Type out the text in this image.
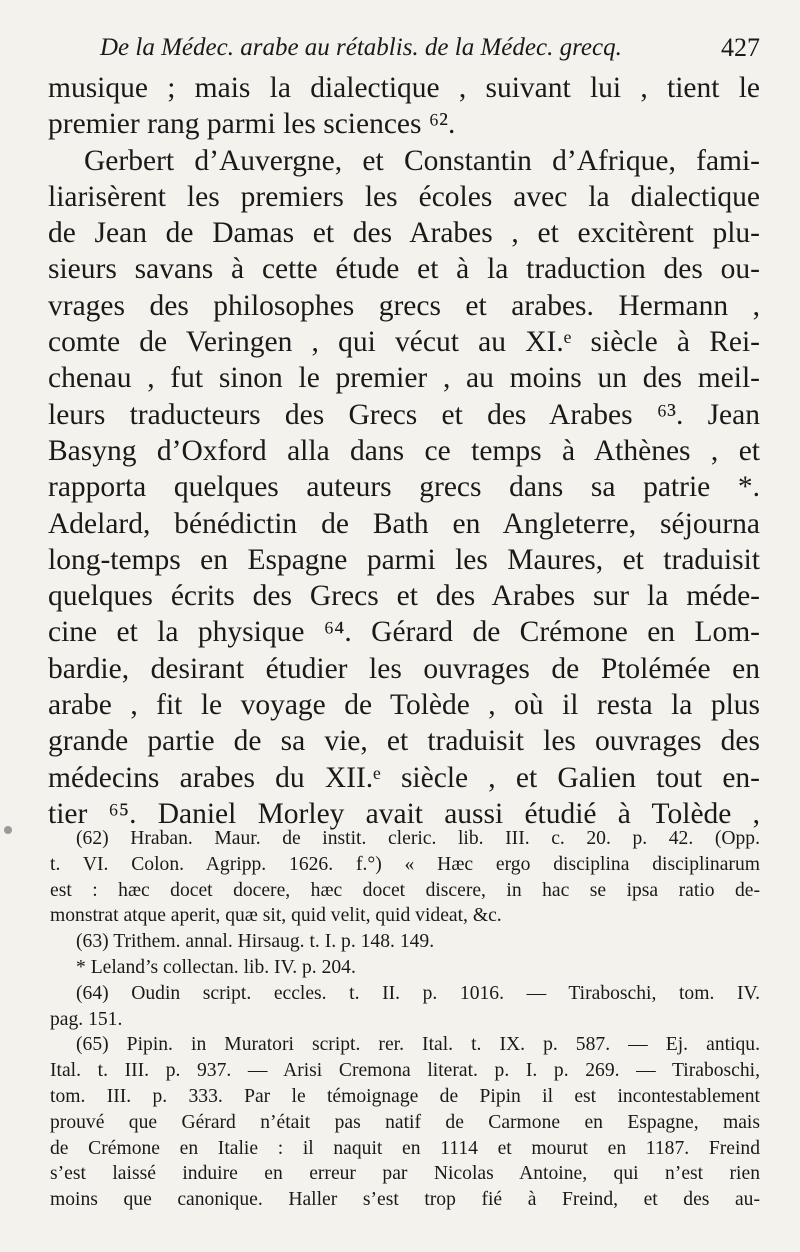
De la Médec. arabe au rétablis. de la Médec. grecq.	427
musique ; mais la dialectique , suivant lui , tient le
premier rang parmi les sciences ⁶².
Gerbert d’Auvergne, et Constantin d’Afrique, fami-
liarisèrent les premiers les écoles avec la dialectique
de Jean de Damas et des Arabes , et excitèrent plu-
sieurs savans à cette étude et à la traduction des ou-
vrages des philosophes grecs et arabes. Hermann ,
comte de Veringen , qui vécut au XI.ᵉ siècle à Rei-
chenau , fut sinon le premier , au moins un des meil-
leurs traducteurs des Grecs et des Arabes ⁶³. Jean
Basyng d’Oxford alla dans ce temps à Athènes , et
rapporta quelques auteurs grecs dans sa patrie *.
Adelard, bénédictin de Bath en Angleterre, séjourna
long-temps en Espagne parmi les Maures, et traduisit
quelques écrits des Grecs et des Arabes sur la méde-
cine et la physique ⁶⁴. Gérard de Crémone en Lom-
bardie, desirant étudier les ouvrages de Ptolémée en
arabe , fit le voyage de Tolède , où il resta la plus
grande partie de sa vie, et traduisit les ouvrages des
médecins arabes du XII.ᵉ siècle , et Galien tout en-
tier ⁶⁵. Daniel Morley avait aussi étudié à Tolède ,
(62) Hraban. Maur. de instit. cleric. lib. III. c. 20. p. 42. (Opp.
t. VI. Colon. Agripp. 1626. f.°) « Hæc ergo disciplina disciplinarum
est : hæc docet docere, hæc docet discere, in hac se ipsa ratio de-
monstrat atque aperit, quæ sit, quid velit, quid videat, &c.
(63) Trithem. annal. Hirsaug. t. I. p. 148. 149.
* Leland’s collectan. lib. IV. p. 204.
(64) Oudin script. eccles. t. II. p. 1016. — Tiraboschi, tom. IV.
pag. 151.
(65) Pipin. in Muratori script. rer. Ital. t. IX. p. 587. — Ej. antiqu.
Ital. t. III. p. 937. — Arisi Cremona literat. p. I. p. 269. — Tiraboschi,
tom. III. p. 333. Par le témoignage de Pipin il est incontestablement
prouvé que Gérard n’était pas natif de Carmone en Espagne, mais
de Crémone en Italie : il naquit en 1114 et mourut en 1187. Freind
s’est laissé induire en erreur par Nicolas Antoine, qui n’est rien
moins que canonique. Haller s’est trop fié à Freind, et des au-
